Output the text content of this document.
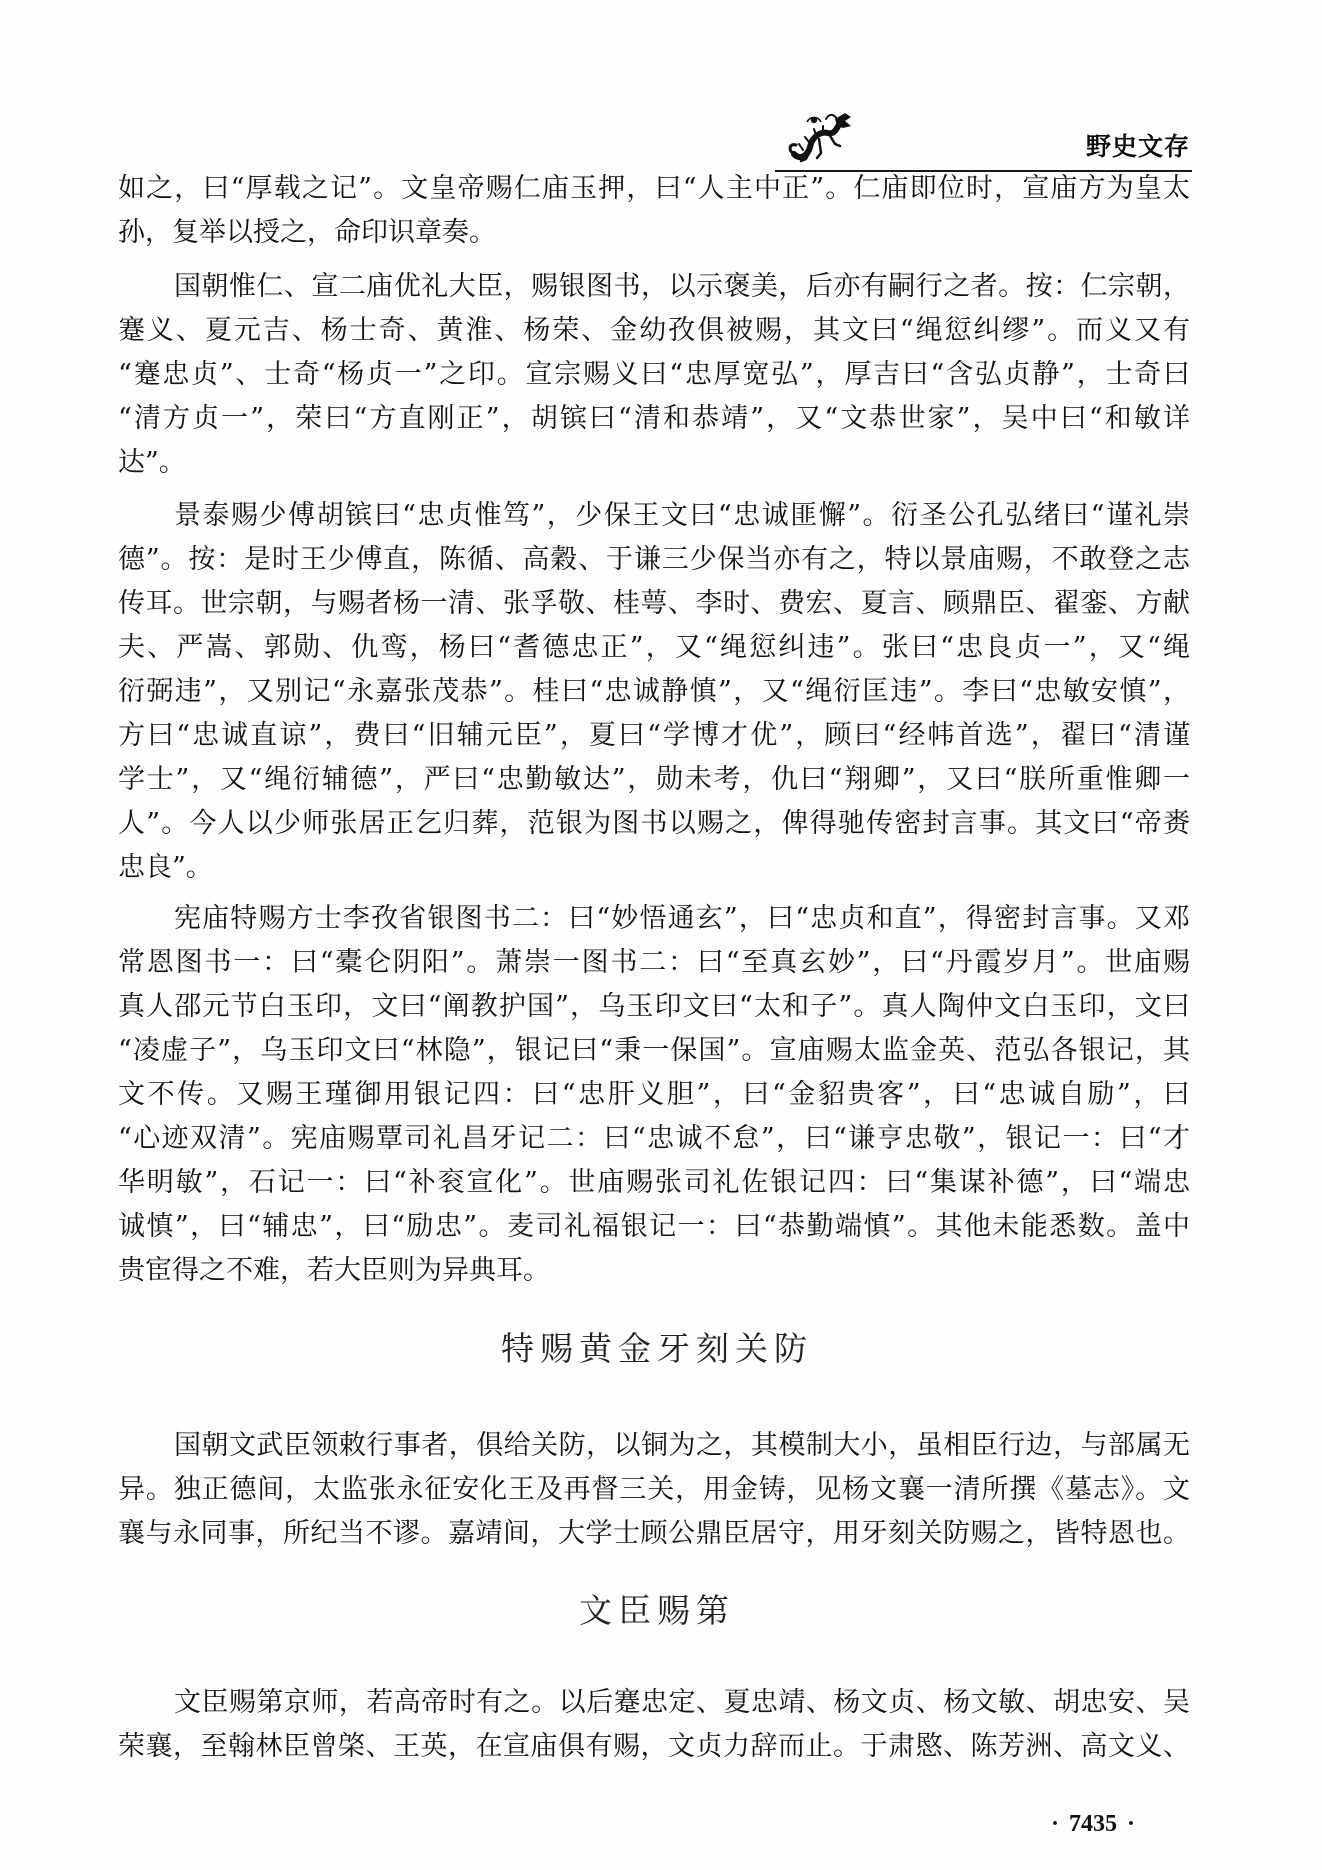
野史文存
如之，曰“厚载之记”。文皇帝赐仁庙玉押，曰“人主中正”。仁庙即位时，宣庙方为皇太
孙，复举以授之，命印识章奏。
国朝惟仁、宣二庙优礼大臣，赐银图书，以示褒美，后亦有嗣行之者。按：仁宗朝，
蹇义、夏元吉、杨士奇、黄淮、杨荣、金幼孜俱被赐，其文曰“绳愆纠缪”。而义又有
“蹇忠贞”、士奇“杨贞一”之印。宣宗赐义曰“忠厚宽弘”，厚吉曰“含弘贞静”，士奇曰
“清方贞一”，荣曰“方直刚正”，胡镔曰“清和恭靖”，又“文恭世家”，吴中曰“和敏详
达”。
景泰赐少傅胡镔曰“忠贞惟笃”，少保王文曰“忠诚匪懈”。衍圣公孔弘绪曰“谨礼崇
德”。按：是时王少傅直，陈循、高穀、于谦三少保当亦有之，特以景庙赐，不敢登之志
传耳。世宗朝，与赐者杨一清、张孚敬、桂萼、李时、费宏、夏言、顾鼎臣、翟銮、方献
夫、严嵩、郭勋、仇鸾，杨曰“耆德忠正”，又“绳愆纠违”。张曰“忠良贞一”，又“绳
衍弼违”，又别记“永嘉张茂恭”。桂曰“忠诚静慎”，又“绳衍匡违”。李曰“忠敏安慎”，
方曰“忠诚直谅”，费曰“旧辅元臣”，夏曰“学博才优”，顾曰“经帏首选”，翟曰“清谨
学士”，又“绳衍辅德”，严曰“忠勤敏达”，勋未考，仇曰“翔卿”，又曰“朕所重惟卿一
人”。今人以少师张居正乞归葬，范银为图书以赐之，俾得驰传密封言事。其文曰“帝赉
忠良”。
宪庙特赐方士李孜省银图书二：曰“妙悟通玄”，曰“忠贞和直”，得密封言事。又邓
常恩图书一：曰“橐仑阴阳”。萧崇一图书二：曰“至真玄妙”，曰“丹霞岁月”。世庙赐
真人邵元节白玉印，文曰“阐教护国”，乌玉印文曰“太和子”。真人陶仲文白玉印，文曰
“凌虚子”，乌玉印文曰“林隐”，银记曰“秉一保国”。宣庙赐太监金英、范弘各银记，其
文不传。又赐王瑾御用银记四：曰“忠肝义胆”，曰“金貂贵客”，曰“忠诚自励”，曰
“心迹双清”。宪庙赐覃司礼昌牙记二：曰“忠诚不怠”，曰“谦亨忠敬”，银记一：曰“才
华明敏”，石记一：曰“补衮宣化”。世庙赐张司礼佐银记四：曰“集谋补德”，曰“端忠
诚慎”，曰“辅忠”，曰“励忠”。麦司礼福银记一：曰“恭勤端慎”。其他未能悉数。盖中
贵宦得之不难，若大臣则为异典耳。
特赐黄金牙刻关防
国朝文武臣领敕行事者，俱给关防，以铜为之，其模制大小，虽相臣行边，与部属无
异。独正德间，太监张永征安化王及再督三关，用金铸，见杨文襄一清所撰《墓志》。文
襄与永同事，所纪当不谬。嘉靖间，大学士顾公鼎臣居守，用牙刻关防赐之，皆特恩也。
文臣赐第
文臣赐第京师，若高帝时有之。以后蹇忠定、夏忠靖、杨文贞、杨文敏、胡忠安、吴
荣襄，至翰林臣曾棨、王英，在宣庙俱有赐，文贞力辞而止。于肃愍、陈芳洲、高文义、
· 7435 ·
